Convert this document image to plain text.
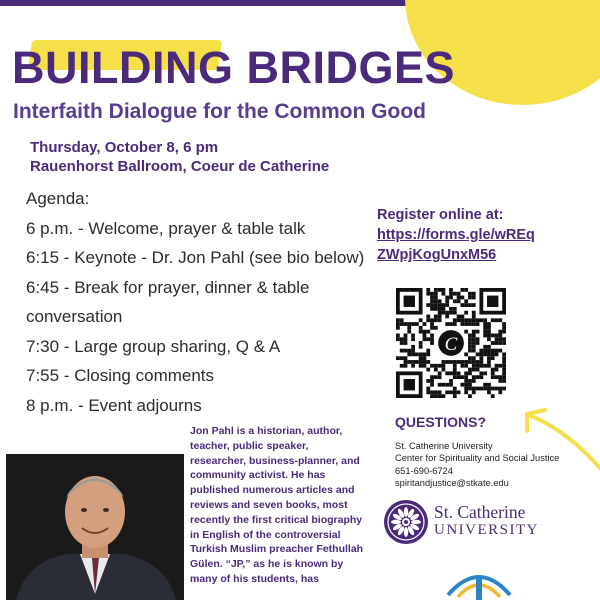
BUILDING BRIDGES
Interfaith Dialogue for the Common Good
Thursday, October 8, 6 pm
Rauenhorst Ballroom, Coeur de Catherine
Agenda:
6 p.m. - Welcome, prayer & table talk
6:15 - Keynote - Dr. Jon Pahl (see bio below)
6:45 - Break for prayer, dinner & table
conversation
7:30 - Large group sharing, Q & A
7:55 - Closing comments
8 p.m. - Event adjourns
Register online at:
https://forms.gle/wREq
ZWpjKogUnxM56
C
QUESTIONS?
St. Catherine University
Center for Spirituality and Social Justice
651-690-6724
spiritandjustice@stkate.edu
St. Catherine
UNIVERSITY
Jon Pahl is a historian, author, teacher, public speaker, researcher, business-planner, and community activist. He has published numerous articles and reviews and seven books, most recently the first critical biography in English of the controversial Turkish Muslim preacher Fethullah Gülen. “JP,” as he is known by many of his students, has
